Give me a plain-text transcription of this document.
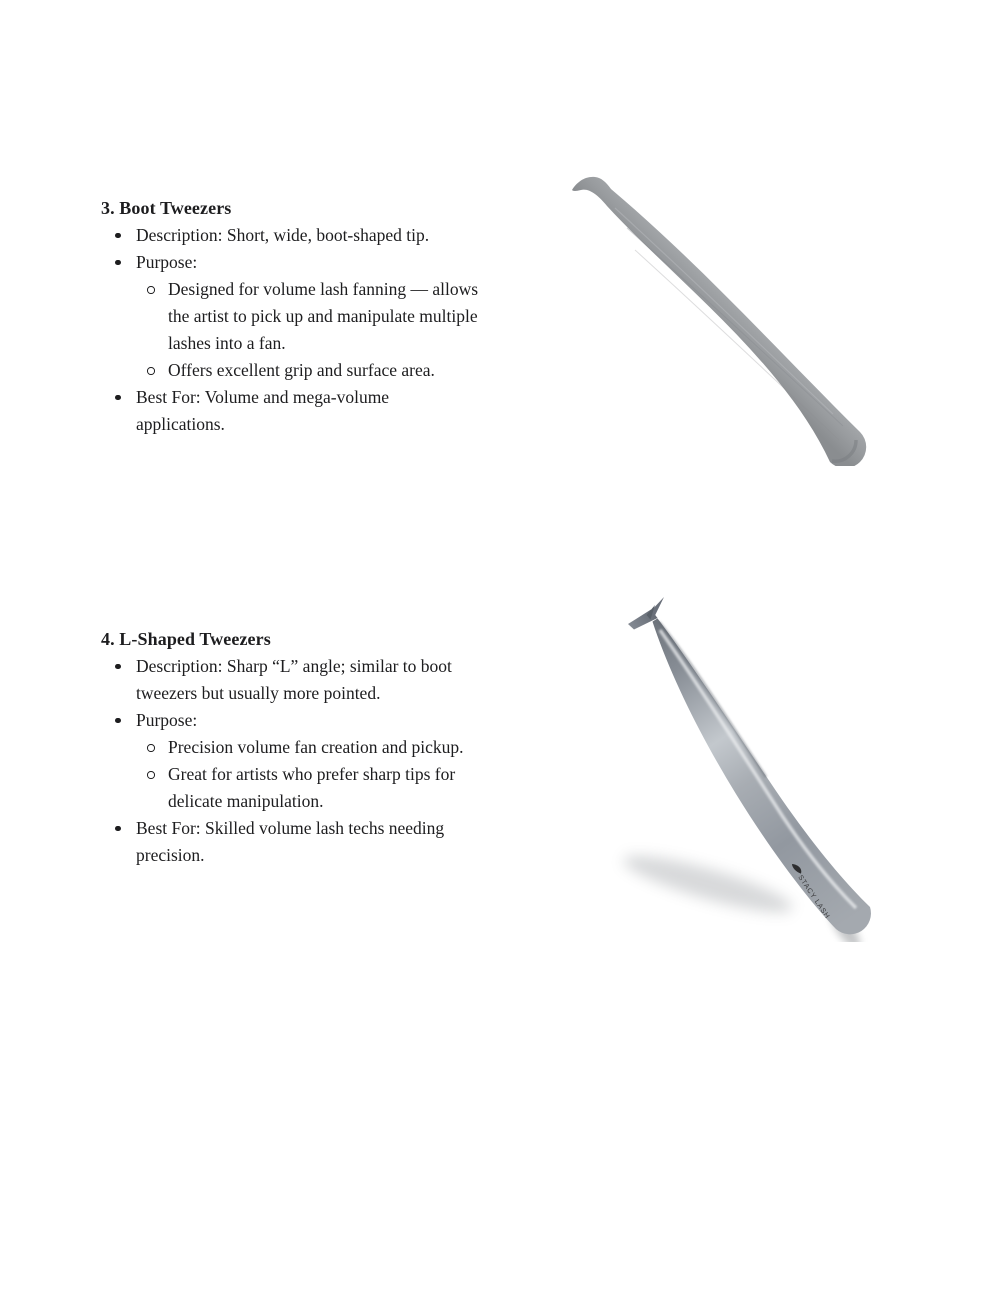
3. Boot Tweezers
Description: Short, wide, boot-shaped tip.
Purpose:
Designed for volume lash fanning — allows the artist to pick up and manipulate multiple lashes into a fan.
Offers excellent grip and surface area.
Best For: Volume and mega-volume applications.
4. L-Shaped Tweezers
Description: Sharp “L” angle; similar to boot tweezers but usually more pointed.
Purpose:
Precision volume fan creation and pickup.
Great for artists who prefer sharp tips for delicate manipulation.
Best For: Skilled volume lash techs needing precision.
STACY LASH
